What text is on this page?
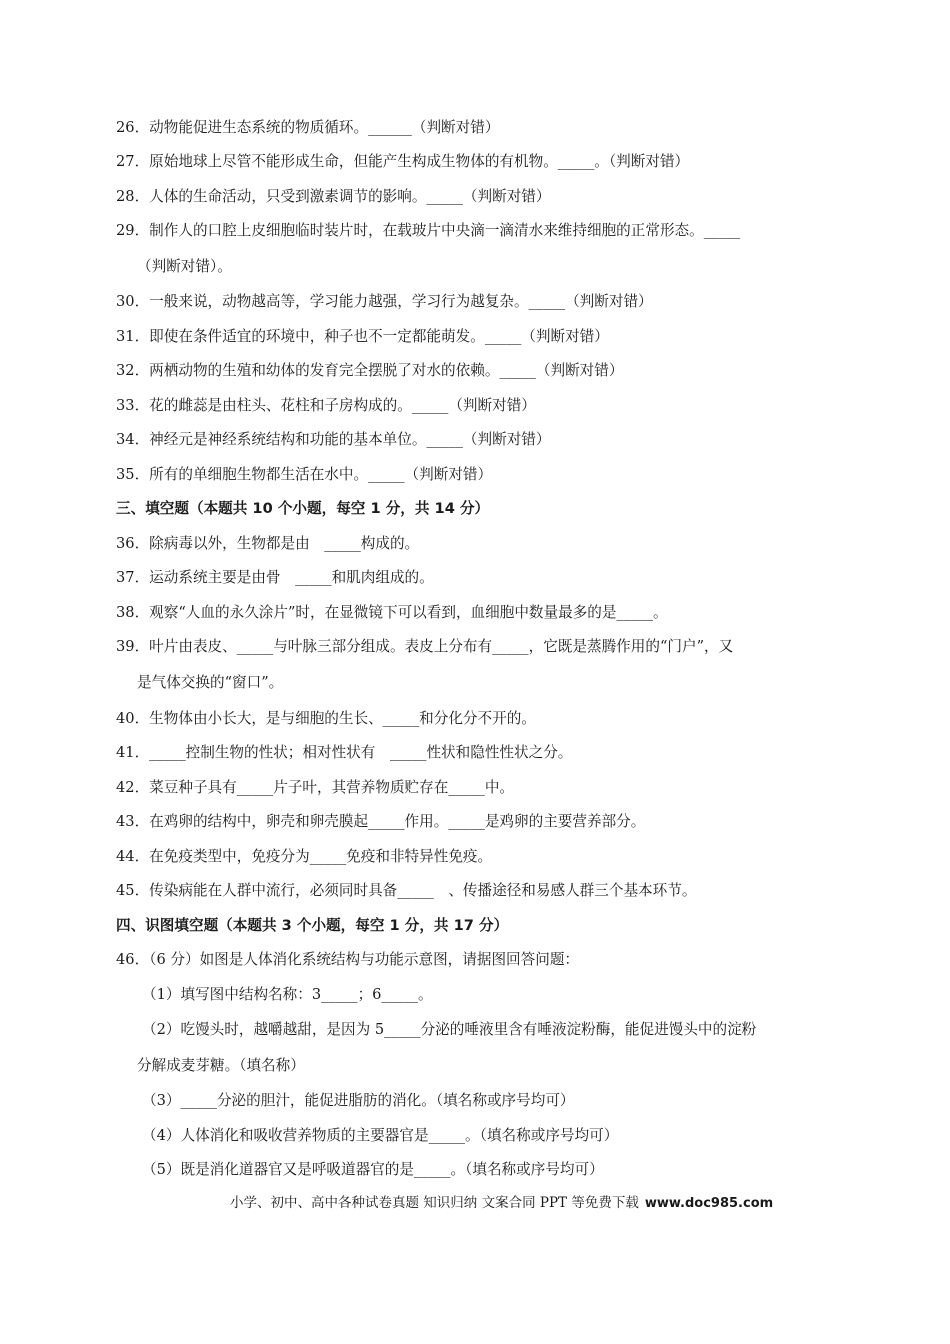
26．动物能促进生态系统的物质循环。______（判断对错）
27．原始地球上尽管不能形成生命，但能产生构成生物体的有机物。_____。（判断对错）
28．人体的生命活动，只受到激素调节的影响。_____（判断对错）
29．制作人的口腔上皮细胞临时装片时，在载玻片中央滴一滴清水来维持细胞的正常形态。_____
（判断对错）。
30．一般来说，动物越高等，学习能力越强，学习行为越复杂。_____（判断对错）
31．即使在条件适宜的环境中，种子也不一定都能萌发。_____（判断对错）
32．两栖动物的生殖和幼体的发育完全摆脱了对水的依赖。_____（判断对错）
33．花的雌蕊是由柱头、花柱和子房构成的。_____（判断对错）
34．神经元是神经系统结构和功能的基本单位。_____（判断对错）
35．所有的单细胞生物都生活在水中。_____（判断对错）
三、填空题（本题共 10 个小题，每空 1 分，共 14 分）
36．除病毒以外，生物都是由　_____构成的。
37．运动系统主要是由骨　_____和肌肉组成的。
38．观察“人血的永久涂片”时，在显微镜下可以看到，血细胞中数量最多的是_____。
39．叶片由表皮、_____与叶脉三部分组成。表皮上分布有_____，它既是蒸腾作用的“门户”，又
是气体交换的“窗口”。
40．生物体由小长大，是与细胞的生长、_____和分化分不开的。
41．_____控制生物的性状；相对性状有　_____性状和隐性性状之分。
42．菜豆种子具有_____片子叶，其营养物质贮存在_____中。
43．在鸡卵的结构中，卵壳和卵壳膜起_____作用。_____是鸡卵的主要营养部分。
44．在免疫类型中，免疫分为_____免疫和非特异性免疫。
45．传染病能在人群中流行，必须同时具备_____　、传播途径和易感人群三个基本环节。
四、识图填空题（本题共 3 个小题，每空 1 分，共 17 分）
46．（6 分）如图是人体消化系统结构与功能示意图，请据图回答问题：
（1）填写图中结构名称：3_____；6_____。
（2）吃馒头时，越嚼越甜，是因为 5_____分泌的唾液里含有唾液淀粉酶，能促进馒头中的淀粉
分解成麦芽糖。（填名称）
（3）_____分泌的胆汁，能促进脂肪的消化。（填名称或序号均可）
（4）人体消化和吸收营养物质的主要器官是_____。（填名称或序号均可）
（5）既是消化道器官又是呼吸道器官的是_____。（填名称或序号均可）
小学、初中、高中各种试卷真题 知识归纳 文案合同 PPT 等免费下载 www.doc985.com
